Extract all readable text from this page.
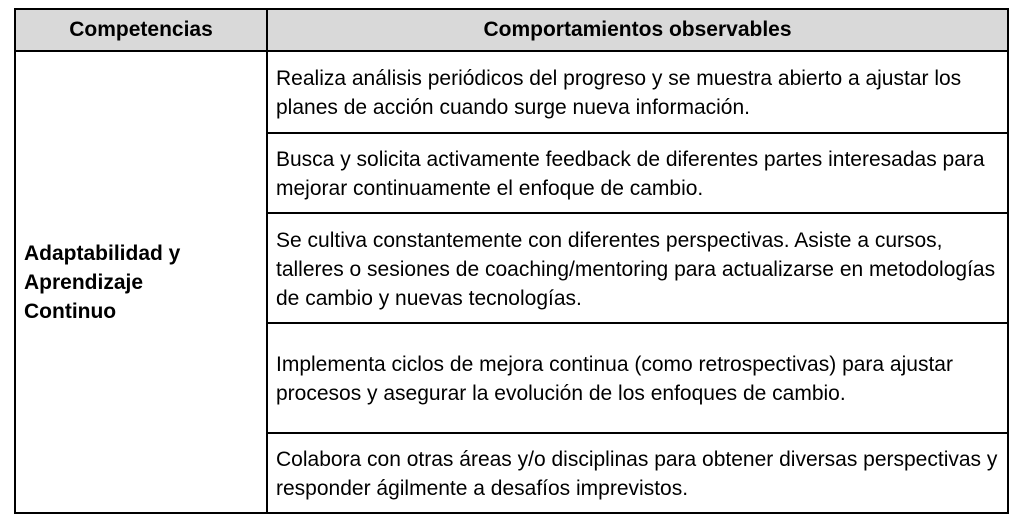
Competencias	Comportamientos observables
Adaptabilidad y
Aprendizaje
Continuo	Realiza análisis periódicos del progreso y se muestra abierto a ajustar los planes de acción cuando surge nueva información.
	Busca y solicita activamente feedback de diferentes partes interesadas para mejorar continuamente el enfoque de cambio.
	Se cultiva constantemente con diferentes perspectivas. Asiste a cursos, talleres o sesiones de coaching/mentoring para actualizarse en metodologías de cambio y nuevas tecnologías.
	Implementa ciclos de mejora continua (como retrospectivas) para ajustar procesos y asegurar la evolución de los enfoques de cambio.
	Colabora con otras áreas y/o disciplinas para obtener diversas perspectivas y responder ágilmente a desafíos imprevistos.
